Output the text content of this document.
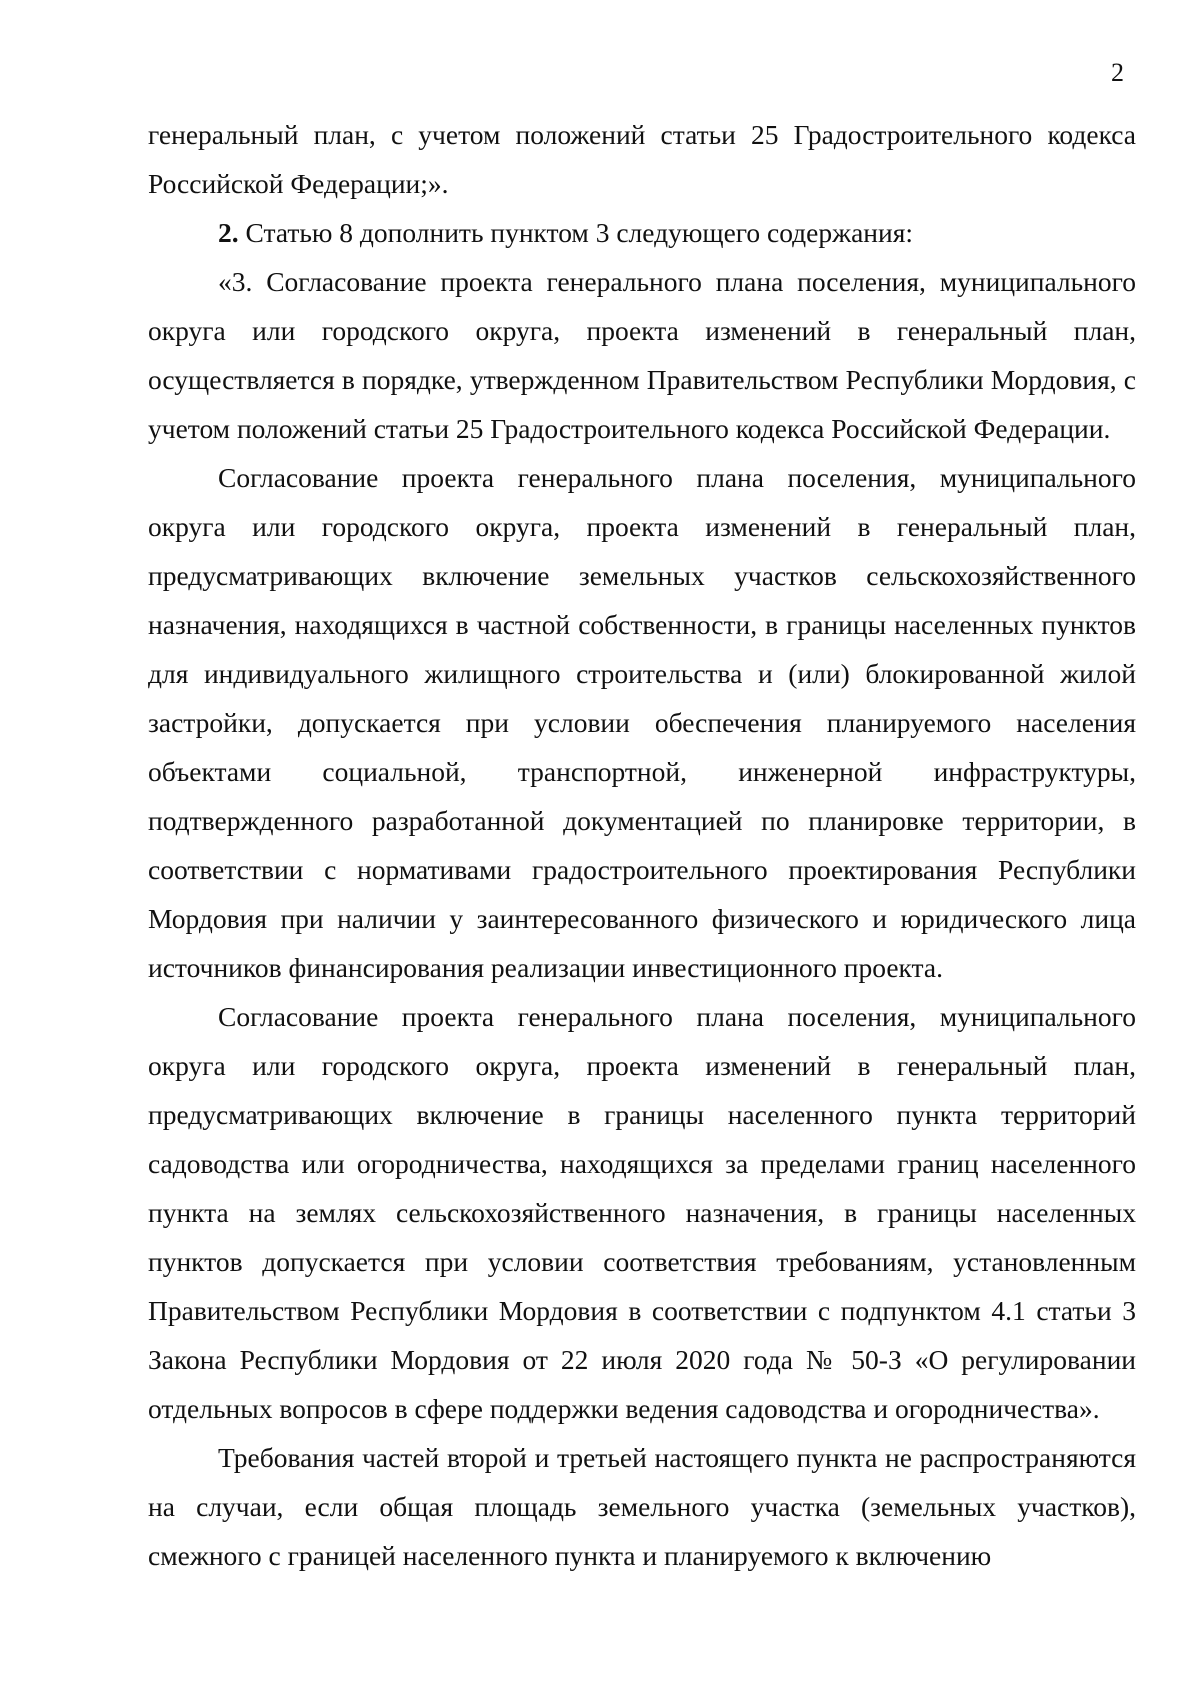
2

генеральный план, с учетом положений статьи 25 Градостроительного кодекса Российской Федерации;».

2. Статью 8 дополнить пунктом 3 следующего содержания:

«3. Согласование проекта генерального плана поселения, муниципального округа или городского округа, проекта изменений в генеральный план, осуществляется в порядке, утвержденном Правительством Республики Мордовия, с учетом положений статьи 25 Градостроительного кодекса Российской Федерации.

Согласование проекта генерального плана поселения, муниципального округа или городского округа, проекта изменений в генеральный план, предусматривающих включение земельных участков сельскохозяйственного назначения, находящихся в частной собственности, в границы населенных пунктов для индивидуального жилищного строительства и (или) блокированной жилой застройки, допускается при условии обеспечения планируемого населения объектами социальной, транспортной, инженерной инфраструктуры, подтвержденного разработанной документацией по планировке территории, в соответствии с нормативами градостроительного проектирования Республики Мордовия при наличии у заинтересованного физического и юридического лица источников финансирования реализации инвестиционного проекта.

Согласование проекта генерального плана поселения, муниципального округа или городского округа, проекта изменений в генеральный план, предусматривающих включение в границы населенного пункта территорий садоводства или огородничества, находящихся за пределами границ населенного пункта на землях сельскохозяйственного назначения, в границы населенных пунктов допускается при условии соответствия требованиям, установленным Правительством Республики Мордовия в соответствии с подпунктом 4.1 статьи 3 Закона Республики Мордовия от 22 июля 2020 года № 50-З «О регулировании отдельных вопросов в сфере поддержки ведения садоводства и огородничества».

Требования частей второй и третьей настоящего пункта не распространяются на случаи, если общая площадь земельного участка (земельных участков), смежного с границей населенного пункта и планируемого к включению
